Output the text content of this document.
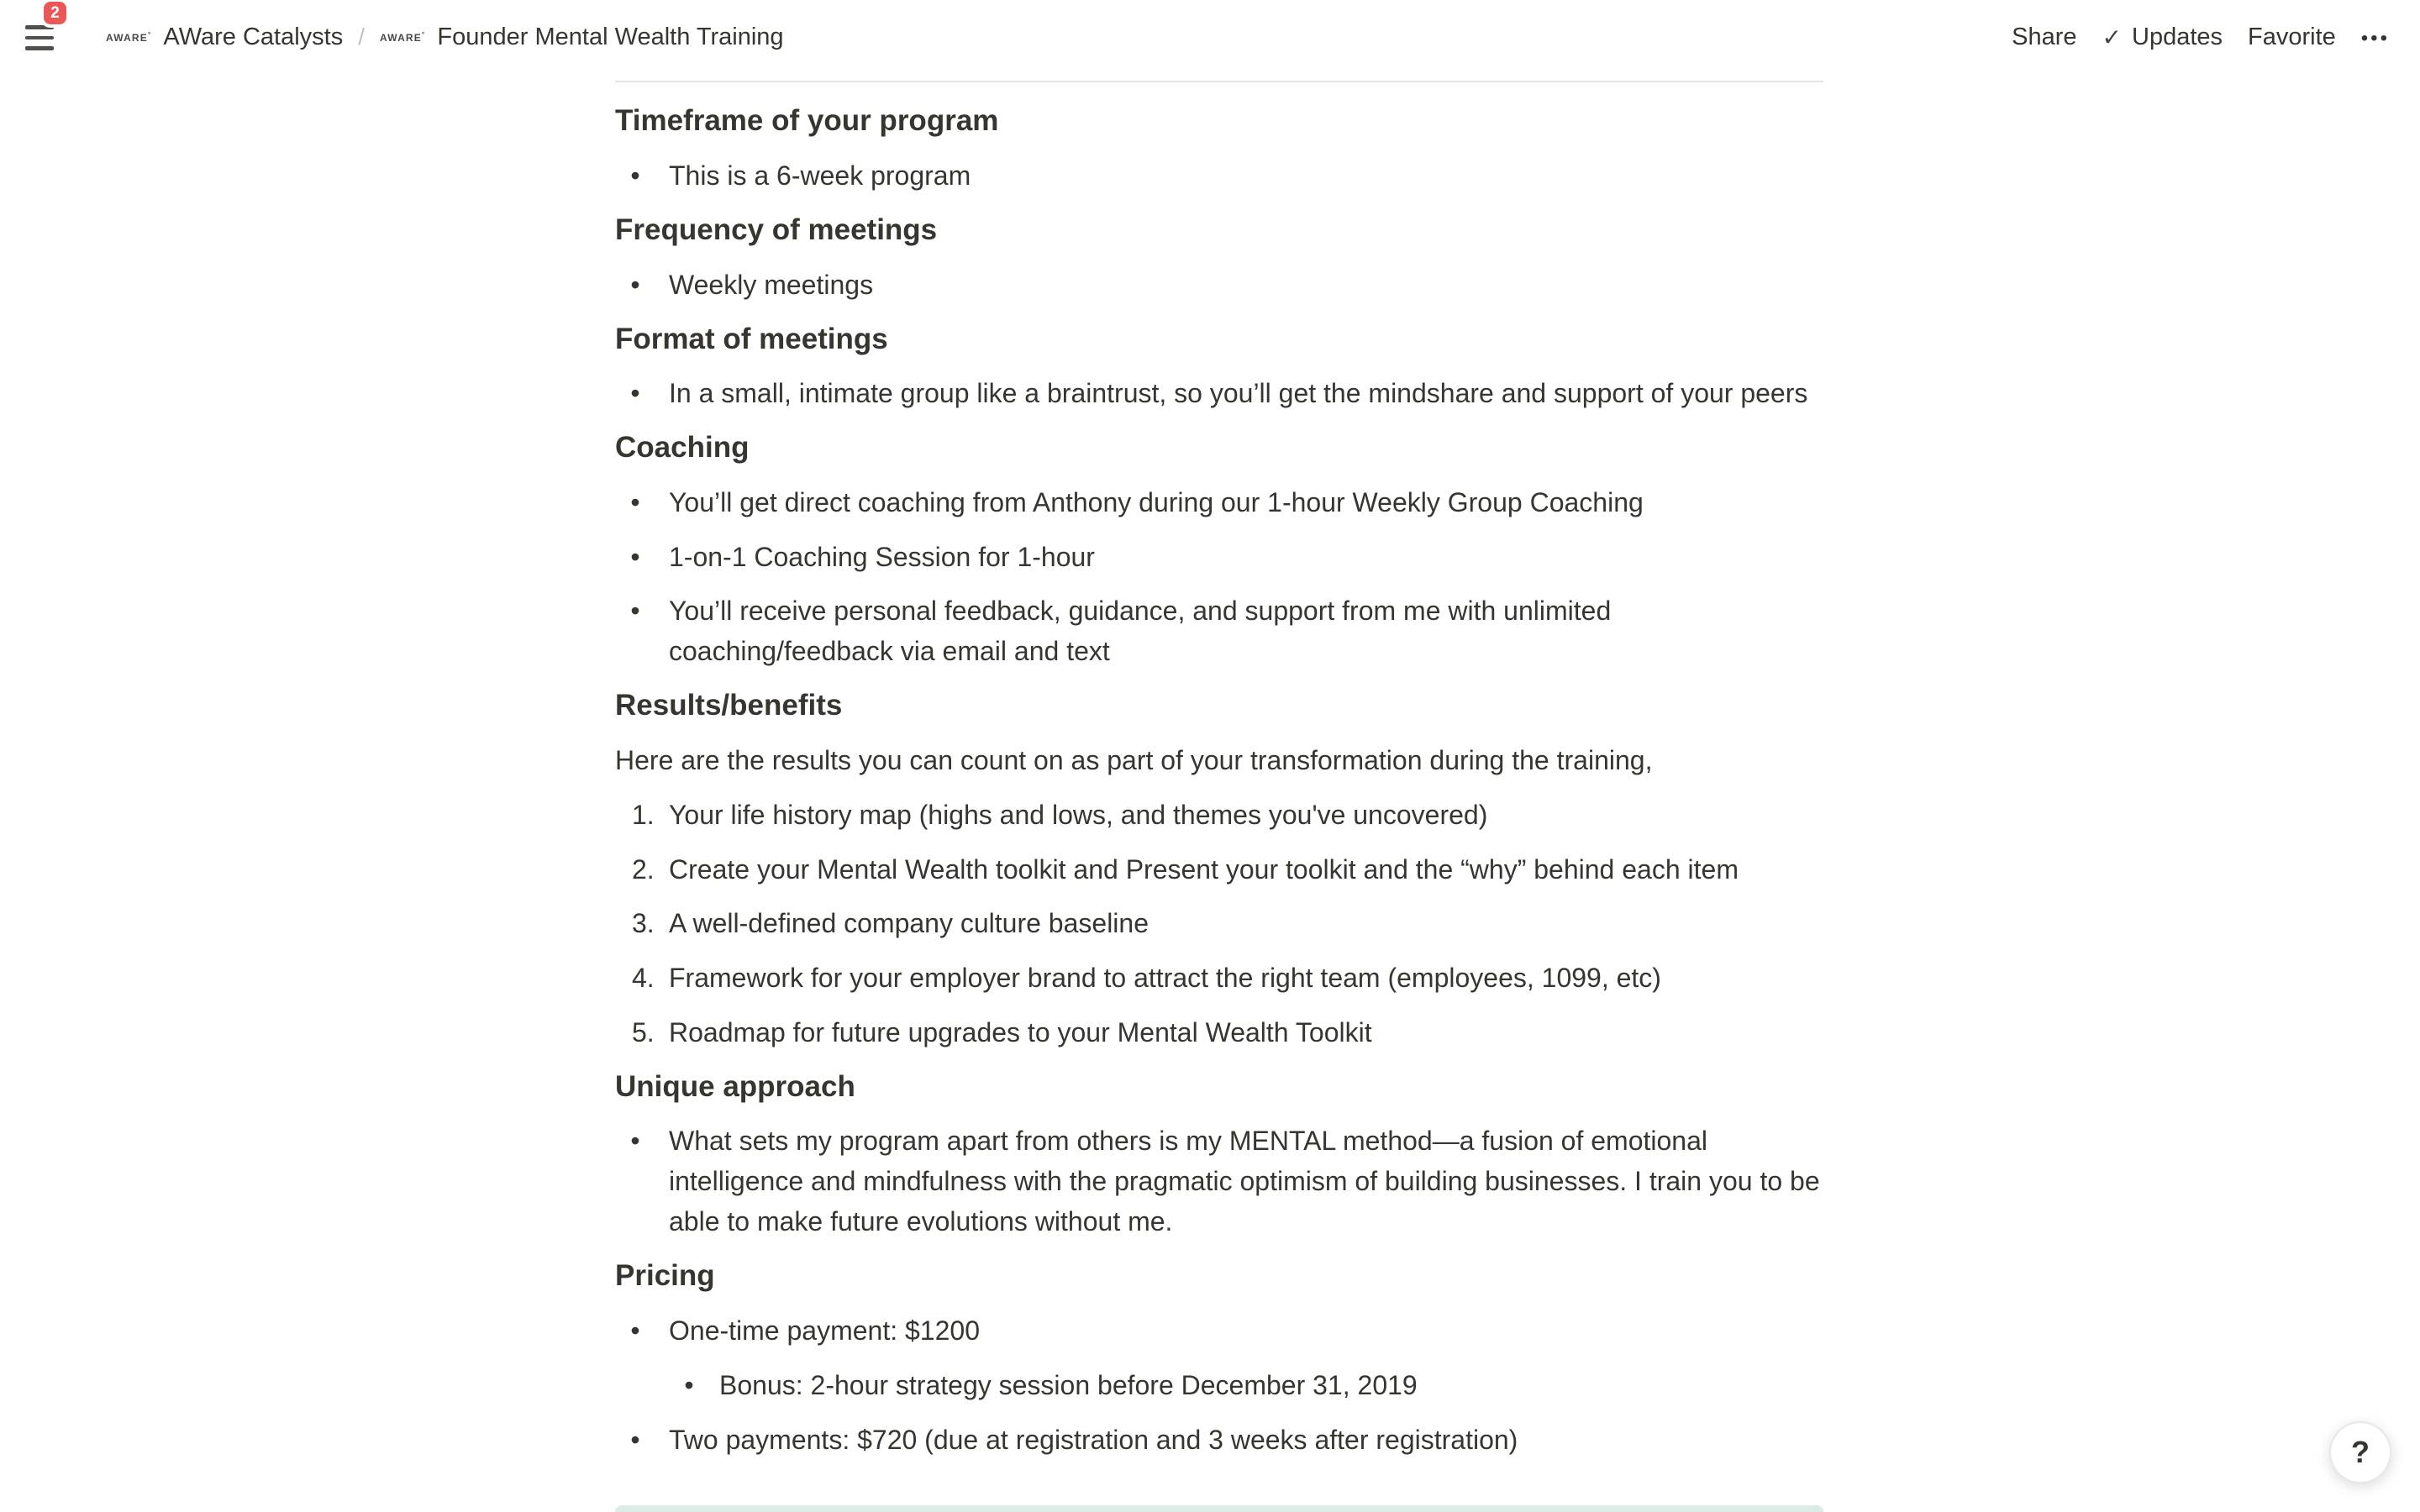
2
AWARE° AWare Catalysts /	AWARE° Founder Mental Wealth Training	Share ✓ Updates Favorite	•••
Timeframe of your program
•	This is a 6-week program
Frequency of meetings
•	Weekly meetings
Format of meetings
•	In a small, intimate group like a braintrust, so you’ll get the mindshare and support of your peers
Coaching
•	You’ll get direct coaching from Anthony during our 1-hour Weekly Group Coaching
•	1-on-1 Coaching Session for 1-hour
•	You’ll receive personal feedback, guidance, and support from me with unlimited coaching/feedback via email and text
Results/benefits
Here are the results you can count on as part of your transformation during the training,
1. Your life history map (highs and lows, and themes you've uncovered)
2. Create your Mental Wealth toolkit and Present your toolkit and the “why” behind each item
3. A well-defined company culture baseline
4. Framework for your employer brand to attract the right team (employees, 1099, etc)
5. Roadmap for future upgrades to your Mental Wealth Toolkit
Unique approach
•	What sets my program apart from others is my MENTAL method—a fusion of emotional intelligence and mindfulness with the pragmatic optimism of building businesses. I train you to be able to make future evolutions without me.
Pricing
•	One-time payment: $1200
•	Bonus: 2-hour strategy session before December 31, 2019
•	Two payments: $720 (due at registration and 3 weeks after registration)	?
